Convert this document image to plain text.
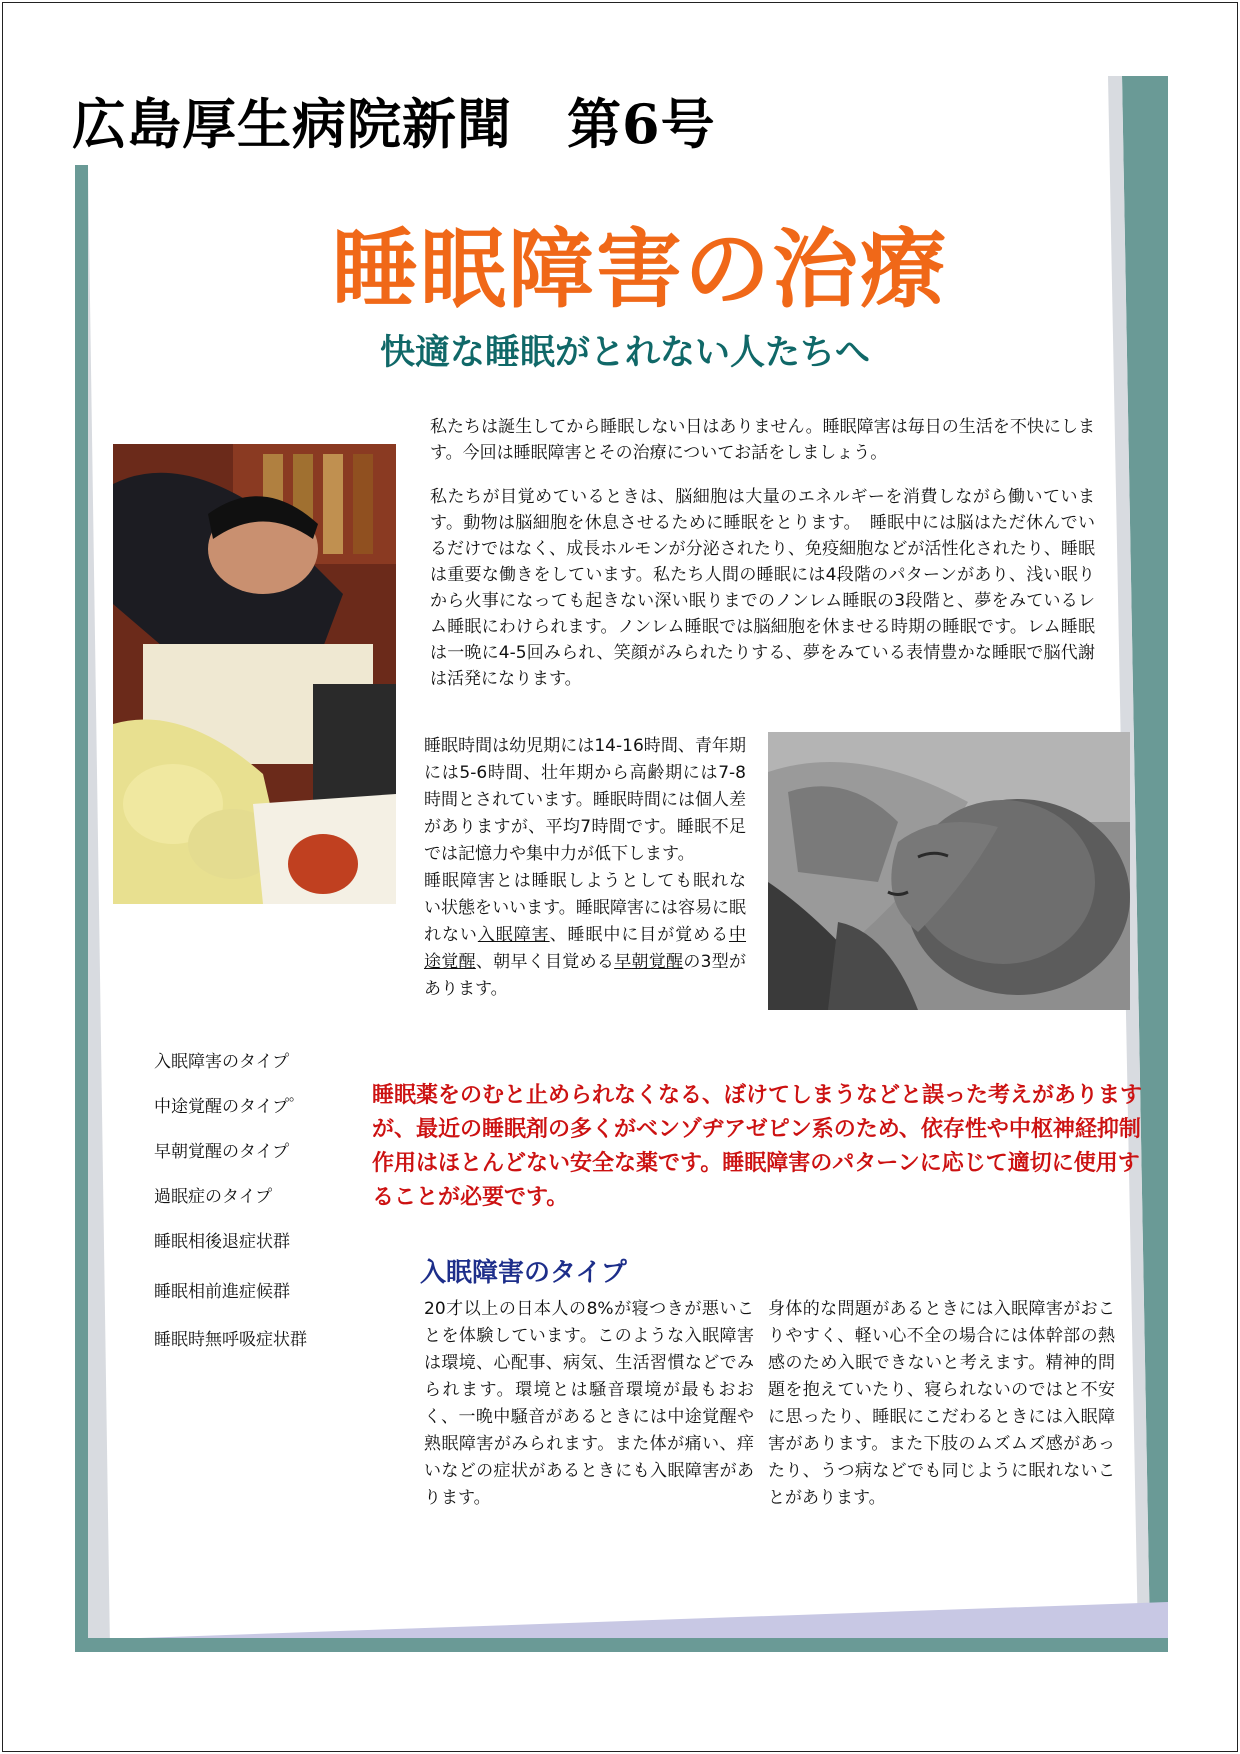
広島厚生病院新聞　第6号
睡眠障害の治療
快適な睡眠がとれない人たちへ

私たちは誕生してから睡眠しない日はありません。睡眠障害は毎日の生活を不快にします。今回は睡眠障害とその治療についてお話をしましょう。

私たちが目覚めているときは、脳細胞は大量のエネルギーを消費しながら働いています。動物は脳細胞を休息させるために睡眠をとります。　睡眠中には脳はただ休んでいるだけではなく、成長ホルモンが分泌されたり、免疫細胞などが活性化されたり、睡眠は重要な働きをしています。私たち人間の睡眠には4段階のパターンがあり、浅い眠りから火事になっても起きない深い眠りまでのノンレム睡眠の3段階と、夢をみているレム睡眠にわけられます。ノンレム睡眠では脳細胞を休ませる時期の睡眠です。レム睡眠は一晩に4-5回みられ、笑顔がみられたりする、夢をみている表情豊かな睡眠で脳代謝は活発になります。

睡眠時間は幼児期には14-16時間、青年期には5-6時間、壮年期から高齢期には7-8時間とされています。睡眠時間には個人差がありますが、平均7時間です。睡眠不足では記憶力や集中力が低下します。

睡眠障害とは睡眠しようとしても眠れない状態をいいます。睡眠障害には容易に眠れない入眠障害、睡眠中に目が覚める中途覚醒、朝早く目覚める早朝覚醒の3型があります。

入眠障害のタイプ
中途覚醒のタイプ゜
早朝覚醒のタイプ
過眠症のタイプ
睡眠相後退症状群
睡眠相前進症候群
睡眠時無呼吸症状群
睡眠薬をのむと止められなくなる、ぼけてしまうなどと誤った考えがありますが、最近の睡眠剤の多くがベンゾヂアゼピン系のため、依存性や中枢神経抑制作用はほとんどない安全な薬です。睡眠障害のパターンに応じて適切に使用することが必要です。
入眠障害のタイプ
20才以上の日本人の8%が寝つきが悪いことを体験しています。このような入眠障害は環境、心配事、病気、生活習慣などでみられます。環境とは騒音環境が最もおおく、一晩中騒音があるときには中途覚醒や熟眠障害がみられます。また体が痛い、痒いなどの症状があるときにも入眠障害があります。
身体的な問題があるときには入眠障害がおこりやすく、軽い心不全の場合には体幹部の熱感のため入眠できないと考えます。精神的問題を抱えていたり、寝られないのではと不安に思ったり、睡眠にこだわるときには入眠障害があります。また下肢のムズムズ感があったり、うつ病などでも同じように眠れないことがあります。
